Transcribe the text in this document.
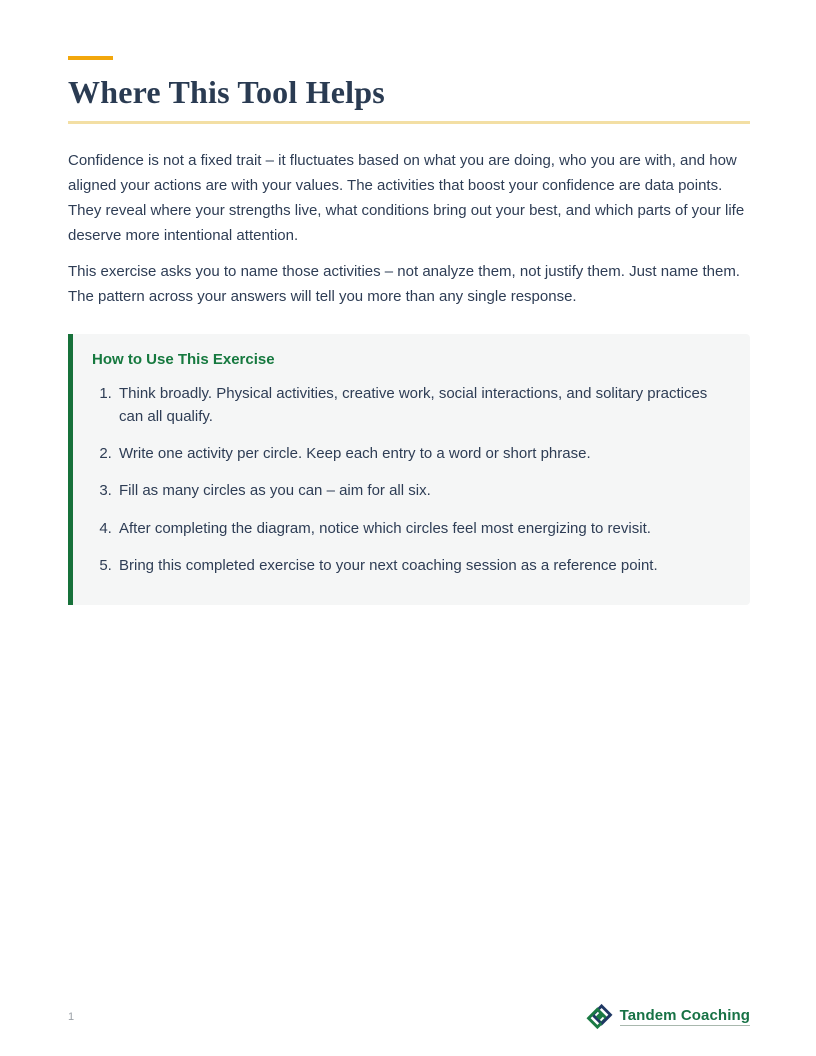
Where This Tool Helps

Confidence is not a fixed trait – it fluctuates based on what you are doing, who you are with, and how aligned your actions are with your values. The activities that boost your confidence are data points. They reveal where your strengths live, what conditions bring out your best, and which parts of your life deserve more intentional attention.

This exercise asks you to name those activities – not analyze them, not justify them. Just name them. The pattern across your answers will tell you more than any single response.

How to Use This Exercise
1. Think broadly. Physical activities, creative work, social interactions, and solitary practices can all qualify.
2. Write one activity per circle. Keep each entry to a word or short phrase.
3. Fill as many circles as you can – aim for all six.
4. After completing the diagram, notice which circles feel most energizing to revisit.
5. Bring this completed exercise to your next coaching session as a reference point.
1	Tandem Coaching
